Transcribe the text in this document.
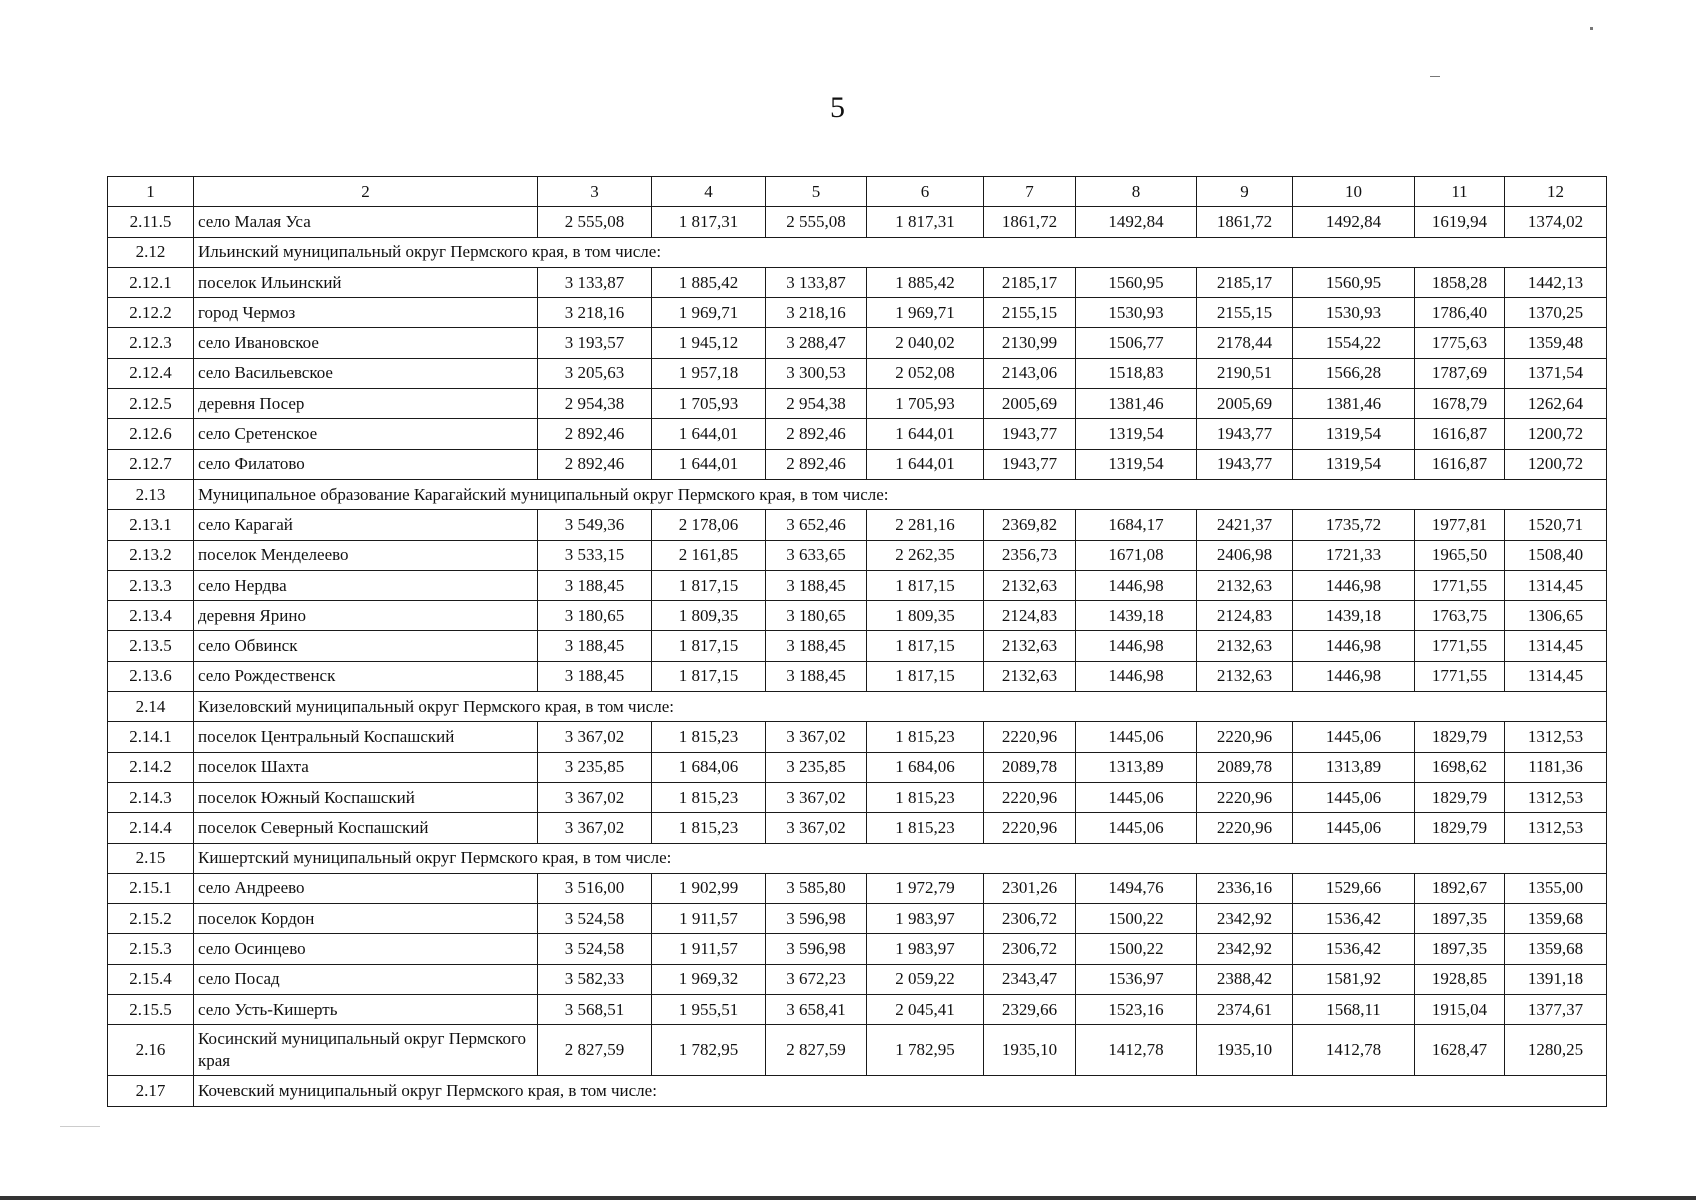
5
1	2	3	4	5	6	7	8	9	10	11	12
2.11.5	село Малая Уса	2 555,08	1 817,31	2 555,08	1 817,31	1861,72	1492,84	1861,72	1492,84	1619,94	1374,02
2.12	Ильинский муниципальный округ Пермского края, в том числе:										
2.12.1	поселок Ильинский	3 133,87	1 885,42	3 133,87	1 885,42	2185,17	1560,95	2185,17	1560,95	1858,28	1442,13
2.12.2	город Чермоз	3 218,16	1 969,71	3 218,16	1 969,71	2155,15	1530,93	2155,15	1530,93	1786,40	1370,25
2.12.3	село Ивановское	3 193,57	1 945,12	3 288,47	2 040,02	2130,99	1506,77	2178,44	1554,22	1775,63	1359,48
2.12.4	село Васильевское	3 205,63	1 957,18	3 300,53	2 052,08	2143,06	1518,83	2190,51	1566,28	1787,69	1371,54
2.12.5	деревня Посер	2 954,38	1 705,93	2 954,38	1 705,93	2005,69	1381,46	2005,69	1381,46	1678,79	1262,64
2.12.6	село Сретенское	2 892,46	1 644,01	2 892,46	1 644,01	1943,77	1319,54	1943,77	1319,54	1616,87	1200,72
2.12.7	село Филатово	2 892,46	1 644,01	2 892,46	1 644,01	1943,77	1319,54	1943,77	1319,54	1616,87	1200,72
2.13	Муниципальное образование Карагайский муниципальный округ Пермского края, в том числе:										
2.13.1	село Карагай	3 549,36	2 178,06	3 652,46	2 281,16	2369,82	1684,17	2421,37	1735,72	1977,81	1520,71
2.13.2	поселок Менделеево	3 533,15	2 161,85	3 633,65	2 262,35	2356,73	1671,08	2406,98	1721,33	1965,50	1508,40
2.13.3	село Нердва	3 188,45	1 817,15	3 188,45	1 817,15	2132,63	1446,98	2132,63	1446,98	1771,55	1314,45
2.13.4	деревня Ярино	3 180,65	1 809,35	3 180,65	1 809,35	2124,83	1439,18	2124,83	1439,18	1763,75	1306,65
2.13.5	село Обвинск	3 188,45	1 817,15	3 188,45	1 817,15	2132,63	1446,98	2132,63	1446,98	1771,55	1314,45
2.13.6	село Рождественск	3 188,45	1 817,15	3 188,45	1 817,15	2132,63	1446,98	2132,63	1446,98	1771,55	1314,45
2.14	Кизеловский муниципальный округ Пермского края, в том числе:										
2.14.1	поселок Центральный Коспашский	3 367,02	1 815,23	3 367,02	1 815,23	2220,96	1445,06	2220,96	1445,06	1829,79	1312,53
2.14.2	поселок Шахта	3 235,85	1 684,06	3 235,85	1 684,06	2089,78	1313,89	2089,78	1313,89	1698,62	1181,36
2.14.3	поселок Южный Коспашский	3 367,02	1 815,23	3 367,02	1 815,23	2220,96	1445,06	2220,96	1445,06	1829,79	1312,53
2.14.4	поселок Северный Коспашский	3 367,02	1 815,23	3 367,02	1 815,23	2220,96	1445,06	2220,96	1445,06	1829,79	1312,53
2.15	Кишертский муниципальный округ Пермского края, в том числе:										
2.15.1	село Андреево	3 516,00	1 902,99	3 585,80	1 972,79	2301,26	1494,76	2336,16	1529,66	1892,67	1355,00
2.15.2	поселок Кордон	3 524,58	1 911,57	3 596,98	1 983,97	2306,72	1500,22	2342,92	1536,42	1897,35	1359,68
2.15.3	село Осинцево	3 524,58	1 911,57	3 596,98	1 983,97	2306,72	1500,22	2342,92	1536,42	1897,35	1359,68
2.15.4	село Посад	3 582,33	1 969,32	3 672,23	2 059,22	2343,47	1536,97	2388,42	1581,92	1928,85	1391,18
2.15.5	село Усть-Кишерть	3 568,51	1 955,51	3 658,41	2 045,41	2329,66	1523,16	2374,61	1568,11	1915,04	1377,37
2.16	Косинский муниципальный округ Пермского края	2 827,59	1 782,95	2 827,59	1 782,95	1935,10	1412,78	1935,10	1412,78	1628,47	1280,25
2.17	Кочевский муниципальный округ Пермского края, в том числе:										
